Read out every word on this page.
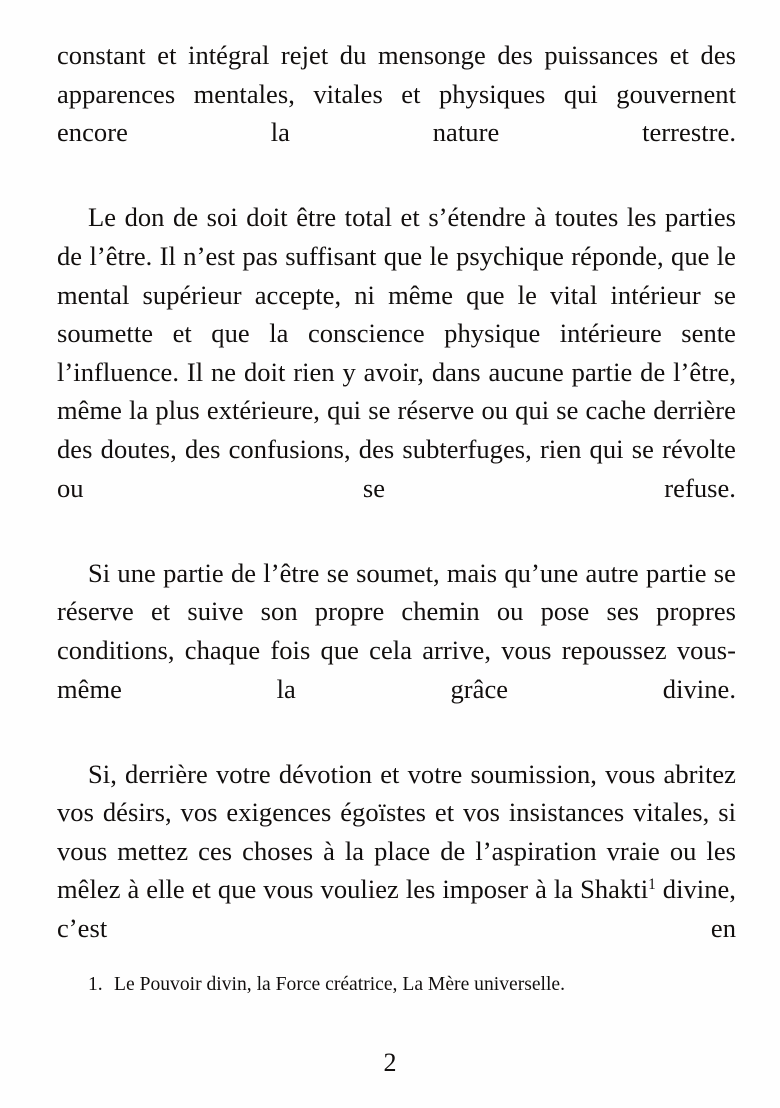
constant et intégral rejet du mensonge des puissances et des apparences mentales, vitales et physiques qui gouvernent encore la nature terrestre.

Le don de soi doit être total et s’étendre à toutes les parties de l’être. Il n’est pas suffisant que le psychique réponde, que le mental supérieur accepte, ni même que le vital intérieur se soumette et que la conscience physique intérieure sente l’influence. Il ne doit rien y avoir, dans aucune partie de l’être, même la plus extérieure, qui se réserve ou qui se cache derrière des doutes, des confusions, des subterfuges, rien qui se révolte ou se refuse.

Si une partie de l’être se soumet, mais qu’une autre partie se réserve et suive son propre chemin ou pose ses propres conditions, chaque fois que cela arrive, vous repoussez vous-même la grâce divine.

Si, derrière votre dévotion et votre soumission, vous abritez vos désirs, vos exigences égoïstes et vos insistances vitales, si vous mettez ces choses à la place de l’aspiration vraie ou les mêlez à elle et que vous vouliez les imposer à la Shakti$^1$ divine, c’est en

1. Le Pouvoir divin, la Force créatrice, La Mère universelle.
2
